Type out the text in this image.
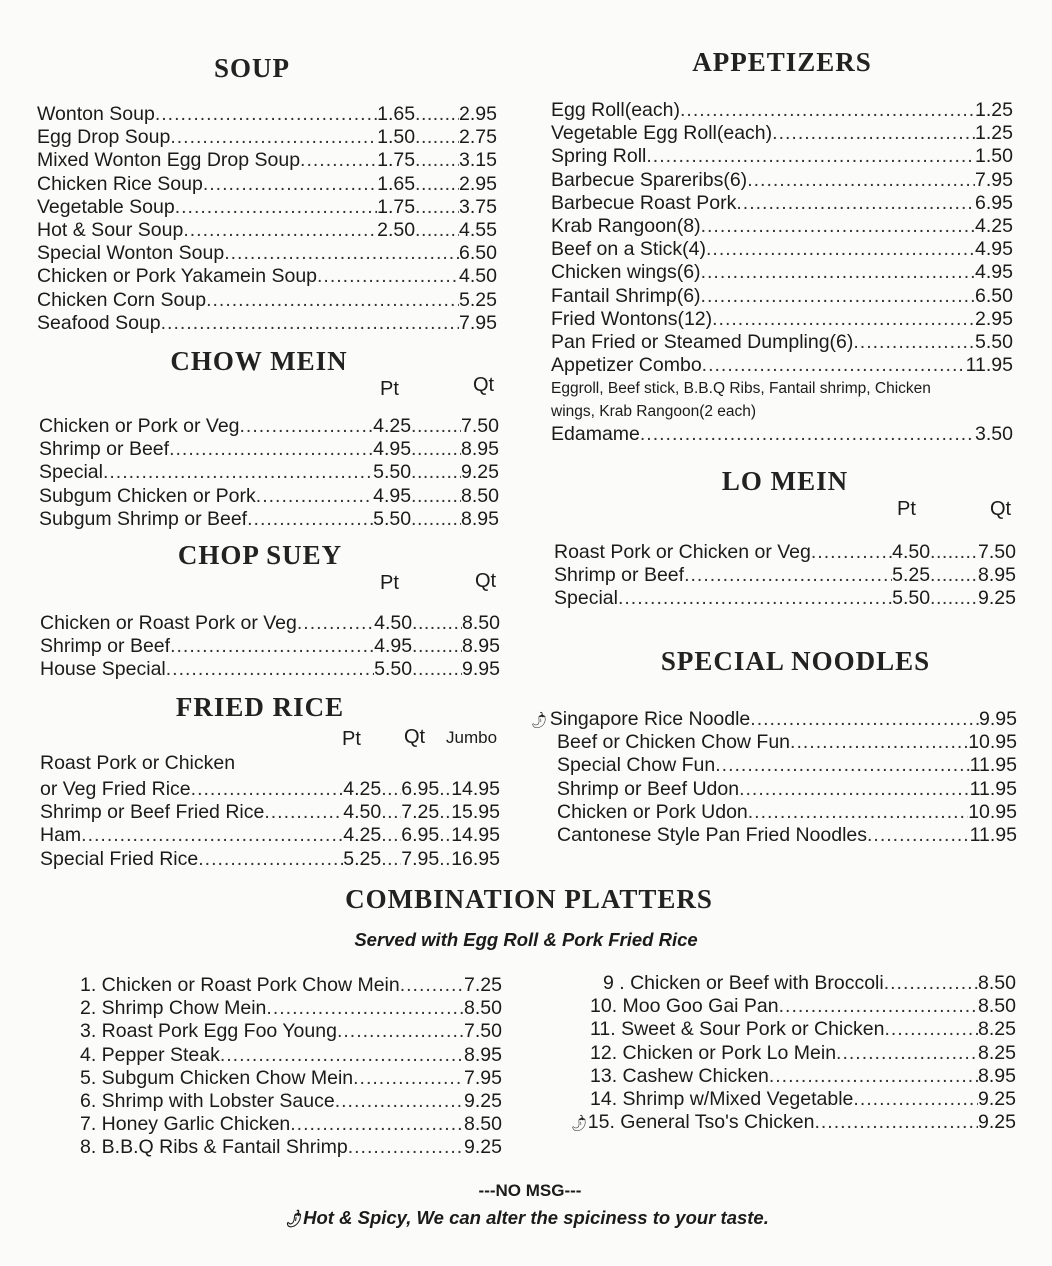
SOUP
Wonton Soup .....	1.65 ..... 2.95
Egg Drop Soup .....	1.50 ..... 2.75
Mixed Wonton Egg Drop Soup .....	1.75 ..... 3.15
Chicken Rice Soup .....	1.65 ..... 2.95
Vegetable Soup .....	1.75 ..... 3.75
Hot & Sour Soup .....	2.50 ..... 4.55
Special Wonton Soup .....	6.50
Chicken or Pork Yakamein Soup .....	4.50
Chicken Corn Soup .....	5.25
Seafood Soup .....	7.95
CHOW MEIN
Pt	Qt
Chicken or Pork or Veg .....	4.25 .....	7.50
Shrimp or Beef .....	4.95 .....	8.95
Special .....	5.50 .....	9.25
Subgum Chicken or Pork .....	4.95 .....	8.50
Subgum Shrimp or Beef .....	5.50 .....	8.95
CHOP SUEY
Pt	Qt
Chicken or Roast Pork or Veg .....	4.50 .....	8.50
Shrimp or Beef .....	4.95 .....	8.95
House Special .....	5.50 .....	9.95
FRIED RICE
Pt Qt Jumbo
Roast Pork or Chicken
or Veg Fried Rice .....	4.25 ..... 6.95 ..... 14.95
Shrimp or Beef Fried Rice .....	4.50 ..... 7.25 ..... 15.95
Ham .....	4.25 ..... 6.95 ..... 14.95
Special Fried Rice .....	5.25 ..... 7.95 ..... 16.95
APPETIZERS
Egg Roll(each) .....	1.25
Vegetable Egg Roll(each) .....	1.25
Spring Roll .....	1.50
Barbecue Spareribs(6) .....	7.95
Barbecue Roast Pork .....	6.95
Krab Rangoon(8) .....	4.25
Beef on a Stick(4) .....	4.95
Chicken wings(6) .....	4.95
Fantail Shrimp(6) .....	6.50
Fried Wontons(12) .....	2.95
Pan Fried or Steamed Dumpling(6) .....	5.50
Appetizer Combo .....	11.95
Eggroll, Beef stick, B.B.Q Ribs, Fantail shrimp, Chicken
wings, Krab Rangoon(2 each)
Edamame .....	3.50
LO MEIN
Pt	Qt
Roast Pork or Chicken or Veg .....	4.50 ..... 7.50
Shrimp or Beef .....	5.25 ..... 8.95
Special .....	5.50 ..... 9.25
SPECIAL NOODLES
🌶 Singapore Rice Noodle .....	9.95
Beef or Chicken Chow Fun .....	10.95
Special Chow Fun .....	11.95
Shrimp or Beef Udon .....	11.95
Chicken or Pork Udon .....	10.95
Cantonese Style Pan Fried Noodles .....	11.95
COMBINATION PLATTERS
Served with Egg Roll & Pork Fried Rice
1. Chicken or Roast Pork Chow Mein .....	7.25
2. Shrimp Chow Mein .....	8.50
3. Roast Pork Egg Foo Young .....	7.50
4. Pepper Steak .....	8.95
5. Subgum Chicken Chow Mein .....	7.95
6. Shrimp with Lobster Sauce .....	9.25
7. Honey Garlic Chicken .....	8.50
8. B.B.Q Ribs & Fantail Shrimp .....	9.25
9 . Chicken or Beef with Broccoli .....	8.50
10. Moo Goo Gai Pan .....	8.50
11. Sweet & Sour Pork or Chicken .....	8.25
12. Chicken or Pork Lo Mein .....	8.25
13. Cashew Chicken .....	8.95
14. Shrimp w/Mixed Vegetable .....	9.25
🌶
15. General Tso's Chicken .....	9.25
---NO MSG---
🌶Hot & Spicy, We can alter the spiciness to your taste.
